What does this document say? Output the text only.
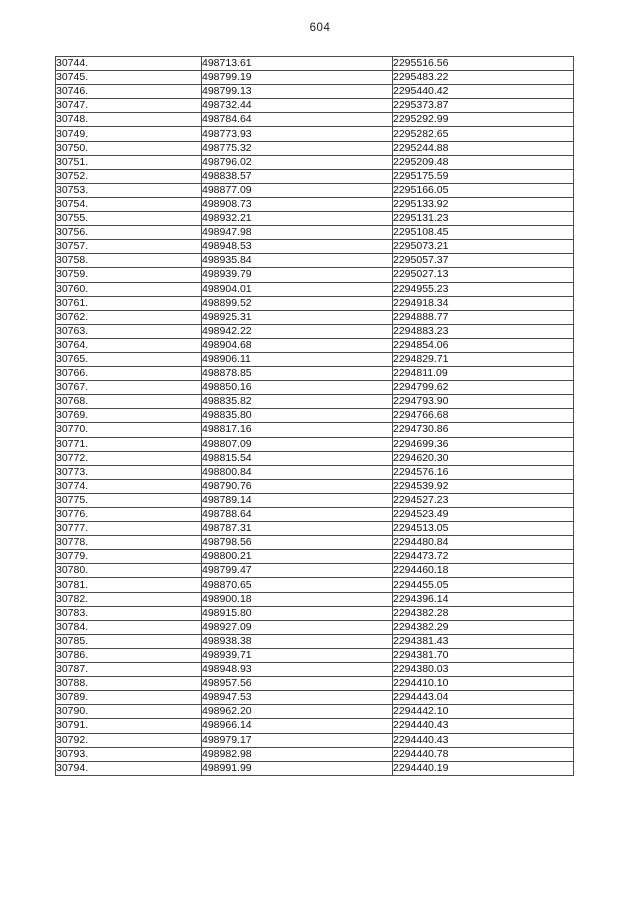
604
30744.	498713.61	2295516.56
30745.	498799.19	2295483.22
30746.	498799.13	2295440.42
30747.	498732.44	2295373.87
30748.	498784.64	2295292.99
30749.	498773.93	2295282.65
30750.	498775.32	2295244.88
30751.	498796.02	2295209.48
30752.	498838.57	2295175.59
30753.	498877.09	2295166.05
30754.	498908.73	2295133.92
30755.	498932.21	2295131.23
30756.	498947.98	2295108.45
30757.	498948.53	2295073.21
30758.	498935.84	2295057.37
30759.	498939.79	2295027.13
30760.	498904.01	2294955.23
30761.	498899.52	2294918.34
30762.	498925.31	2294888.77
30763.	498942.22	2294883.23
30764.	498904.68	2294854.06
30765.	498906.11	2294829.71
30766.	498878.85	2294811.09
30767.	498850.16	2294799.62
30768.	498835.82	2294793.90
30769.	498835.80	2294766.68
30770.	498817.16	2294730.86
30771.	498807.09	2294699.36
30772.	498815.54	2294620.30
30773.	498800.84	2294576.16
30774.	498790.76	2294539.92
30775.	498789.14	2294527.23
30776.	498788.64	2294523.49
30777.	498787.31	2294513.05
30778.	498798.56	2294480.84
30779.	498800.21	2294473.72
30780.	498799.47	2294460.18
30781.	498870.65	2294455.05
30782.	498900.18	2294396.14
30783.	498915.80	2294382.28
30784.	498927.09	2294382.29
30785.	498938.38	2294381.43
30786.	498939.71	2294381.70
30787.	498948.93	2294380.03
30788.	498957.56	2294410.10
30789.	498947.53	2294443.04
30790.	498962.20	2294442.10
30791.	498966.14	2294440.43
30792.	498979.17	2294440.43
30793.	498982.98	2294440.78
30794.	498991.99	2294440.19
